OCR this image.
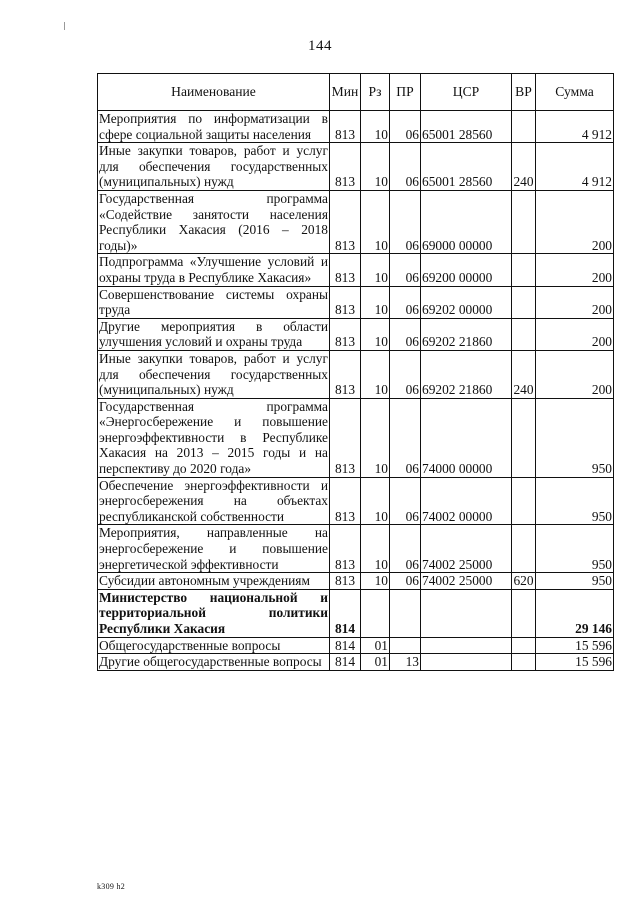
144
Наименование	Мин	Рз	ПР	ЦСР	ВР	Сумма
Мероприятия по информатизации в сфере социальной защиты населения	813	10	06	65001 28560		4 912
Иные закупки товаров, работ и услуг для обеспечения государственных (муниципальных) нужд	813	10	06	65001 28560	240	4 912
Государственная программа «Содействие занятости населения Республики Хакасия (2016 – 2018 годы)»	813	10	06	69000 00000		200
Подпрограмма «Улучшение условий и охраны труда в Республике Хакасия»	813	10	06	69200 00000		200
Совершенствование системы охраны труда	813	10	06	69202 00000		200
Другие мероприятия в области улучшения условий и охраны труда	813	10	06	69202 21860		200
Иные закупки товаров, работ и услуг для обеспечения государственных (муниципальных) нужд	813	10	06	69202 21860	240	200
Государственная программа «Энергосбережение и повышение энергоэффективности в Республике Хакасия на 2013 – 2015 годы и на перспективу до 2020 года»	813	10	06	74000 00000		950
Обеспечение энергоэффективности и энергосбережения на объектах республиканской собственности	813	10	06	74002 00000		950
Мероприятия, направленные на энергосбережение и повышение энергетической эффективности	813	10	06	74002 25000		950
Субсидии автономным учреждениям	813	10	06	74002 25000	620	950
Министерство национальной и территориальной политики Республики Хакасия	814					29 146
Общегосударственные вопросы	814	01				15 596
Другие общегосударственные вопросы	814	01	13			15 596
k309 h2
